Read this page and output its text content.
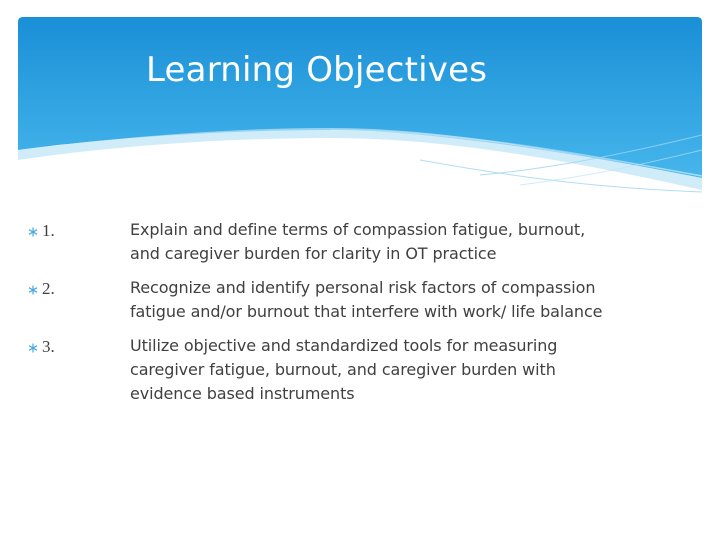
Learning Objectives
1.	Explain and define terms of compassion fatigue, burnout, and caregiver burden for clarity in OT practice
2.	Recognize and identify personal risk factors of compassion fatigue and/or burnout that interfere with work/ life balance
3.	Utilize objective and standardized tools for measuring caregiver fatigue, burnout, and caregiver burden with evidence based instruments
